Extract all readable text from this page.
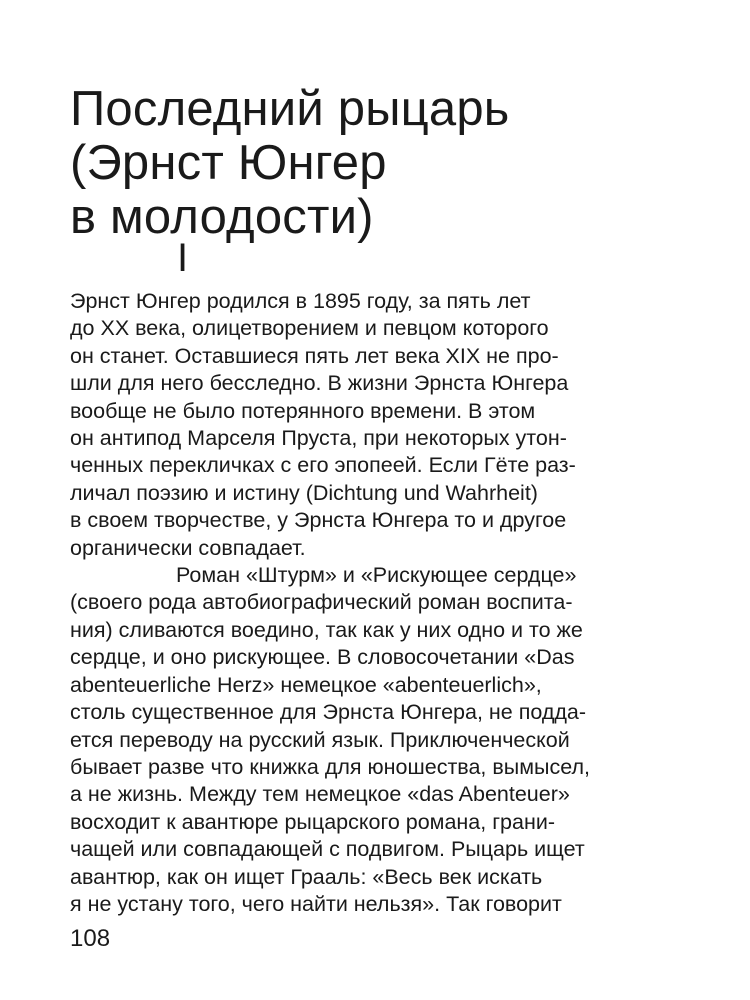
Последний рыцарь
(Эрнст Юнгер
в молодости)
I
Эрнст Юнгер родился в 1895 году, за пять лет
до XX века, олицетворением и певцом которого
он станет. Оставшиеся пять лет века XIX не про-
шли для него бесследно. В жизни Эрнста Юнгера
вообще не было потерянного времени. В этом
он антипод Марселя Пруста, при некоторых утон-
ченных перекличках с его эпопеей. Если Гёте раз-
личал поэзию и истину (Dichtung und Wahrheit)
в своем творчестве, у Эрнста Юнгера то и другое
органически совпадает.
Роман «Штурм» и «Рискующее сердце»
(своего рода автобиографический роман воспита-
ния) сливаются воедино, так как у них одно и то же
сердце, и оно рискующее. В словосочетании «Das
abenteuerliche Herz» немецкое «abenteuerlich»,
столь существенное для Эрнста Юнгера, не подда-
ется переводу на русский язык. Приключенческой
бывает разве что книжка для юношества, вымысел,
а не жизнь. Между тем немецкое «das Abenteuer»
восходит к авантюре рыцарского романа, грани-
чащей или совпадающей с подвигом. Рыцарь ищет
авантюр, как он ищет Грааль: «Весь век искать
я не устану того, чего найти нельзя». Так говорит
108
